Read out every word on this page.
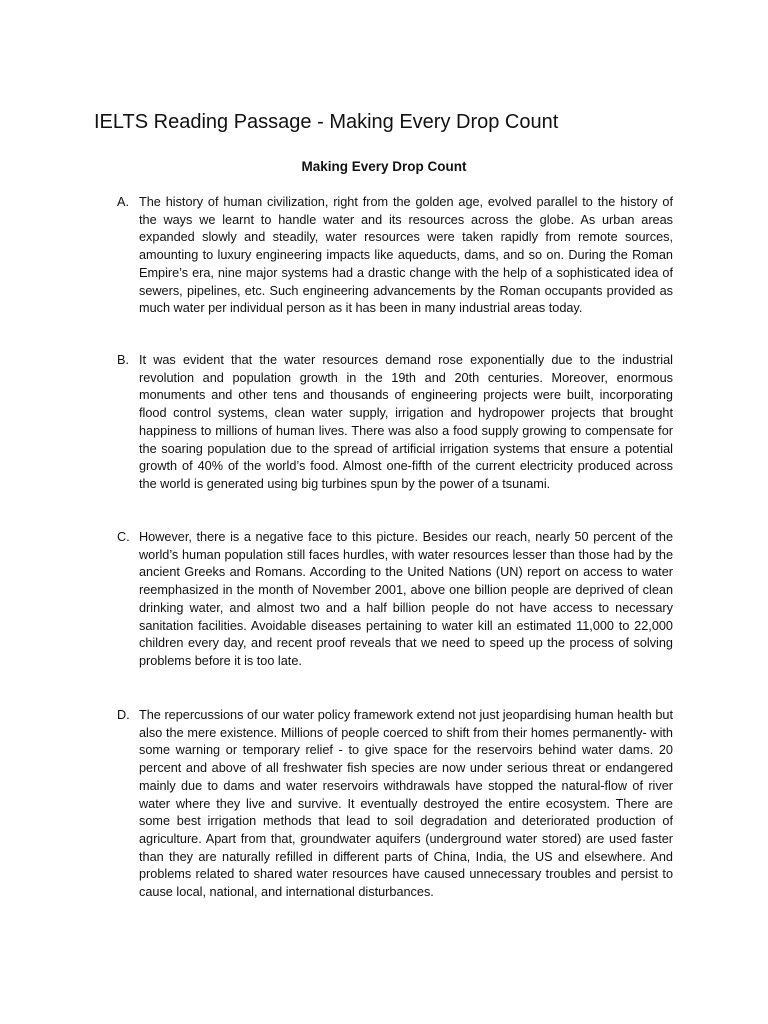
IELTS Reading Passage - Making Every Drop Count
Making Every Drop Count
A. The history of human civilization, right from the golden age, evolved parallel to the history of the ways we learnt to handle water and its resources across the globe. As urban areas expanded slowly and steadily, water resources were taken rapidly from remote sources, amounting to luxury engineering impacts like aqueducts, dams, and so on. During the Roman Empire’s era, nine major systems had a drastic change with the help of a sophisticated idea of sewers, pipelines, etc. Such engineering advancements by the Roman occupants provided as much water per individual person as it has been in many industrial areas today.
B. It was evident that the water resources demand rose exponentially due to the industrial revolution and population growth in the 19th and 20th centuries. Moreover, enormous monuments and other tens and thousands of engineering projects were built, incorporating flood control systems, clean water supply, irrigation and hydropower projects that brought happiness to millions of human lives. There was also a food supply growing to compensate for the soaring population due to the spread of artificial irrigation systems that ensure a potential growth of 40% of the world’s food. Almost one-fifth of the current electricity produced across the world is generated using big turbines spun by the power of a tsunami.
C. However, there is a negative face to this picture. Besides our reach, nearly 50 percent of the world’s human population still faces hurdles, with water resources lesser than those had by the ancient Greeks and Romans. According to the United Nations (UN) report on access to water reemphasized in the month of November 2001, above one billion people are deprived of clean drinking water, and almost two and a half billion people do not have access to necessary sanitation facilities. Avoidable diseases pertaining to water kill an estimated 11,000 to 22,000 children every day, and recent proof reveals that we need to speed up the process of solving problems before it is too late.
D. The repercussions of our water policy framework extend not just jeopardising human health but also the mere existence. Millions of people coerced to shift from their homes permanently- with some warning or temporary relief - to give space for the reservoirs behind water dams. 20 percent and above of all freshwater fish species are now under serious threat or endangered mainly due to dams and water reservoirs withdrawals have stopped the natural-flow of river water where they live and survive. It eventually destroyed the entire ecosystem. There are some best irrigation methods that lead to soil degradation and deteriorated production of agriculture. Apart from that, groundwater aquifers (underground water stored) are used faster than they are naturally refilled in different parts of China, India, the US and elsewhere. And problems related to shared water resources have caused unnecessary troubles and persist to cause local, national, and international disturbances.
